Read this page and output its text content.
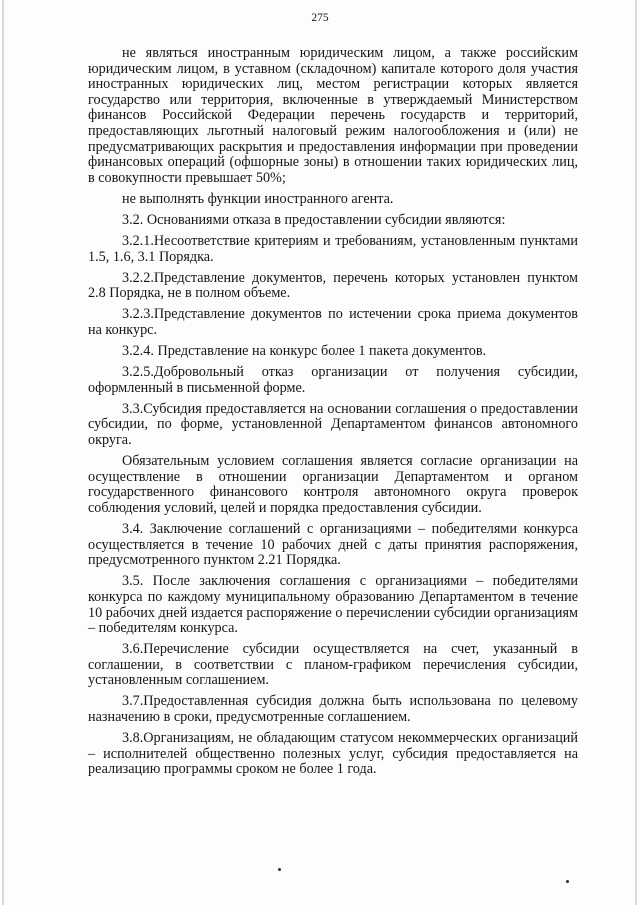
275

не являться иностранным юридическим лицом, а также российским юридическим лицом, в уставном (складочном) капитале которого доля участия иностранных юридических лиц, местом регистрации которых является государство или территория, включенные в утверждаемый Министерством финансов Российской Федерации перечень государств и территорий, предоставляющих льготный налоговый режим налогообложения и (или) не предусматривающих раскрытия и предоставления информации при проведении финансовых операций (офшорные зоны) в отношении таких юридических лиц, в совокупности превышает 50%;

не выполнять функции иностранного агента.

3.2. Основаниями отказа в предоставлении субсидии являются:

3.2.1.Несоответствие критериям и требованиям, установленным пунктами 1.5, 1.6, 3.1 Порядка.

3.2.2.Представление документов, перечень которых установлен пунктом 2.8 Порядка, не в полном объеме.

3.2.3.Представление документов по истечении срока приема документов на конкурс.

3.2.4. Представление на конкурс более 1 пакета документов.

3.2.5.Добровольный отказ организации от получения субсидии, оформленный в письменной форме.

3.3.Субсидия предоставляется на основании соглашения о предоставлении субсидии, по форме, установленной Департаментом финансов автономного округа.

Обязательным условием соглашения является согласие организации на осуществление в отношении организации Департаментом и органом государственного финансового контроля автономного округа проверок соблюдения условий, целей и порядка предоставления субсидии.

3.4. Заключение соглашений с организациями – победителями конкурса осуществляется в течение 10 рабочих дней с даты принятия распоряжения, предусмотренного пунктом 2.21 Порядка.

3.5. После заключения соглашения с организациями – победителями конкурса по каждому муниципальному образованию Департаментом в течение 10 рабочих дней издается распоряжение о перечислении субсидии организациям – победителям конкурса.

3.6.Перечисление субсидии осуществляется на счет, указанный в соглашении, в соответствии с планом-графиком перечисления субсидии, установленным соглашением.

3.7.Предоставленная субсидия должна быть использована по целевому назначению в сроки, предусмотренные соглашением.

3.8.Организациям, не обладающим статусом некоммерческих организаций – исполнителей общественно полезных услуг, субсидия предоставляется на реализацию программы сроком не более 1 года.
